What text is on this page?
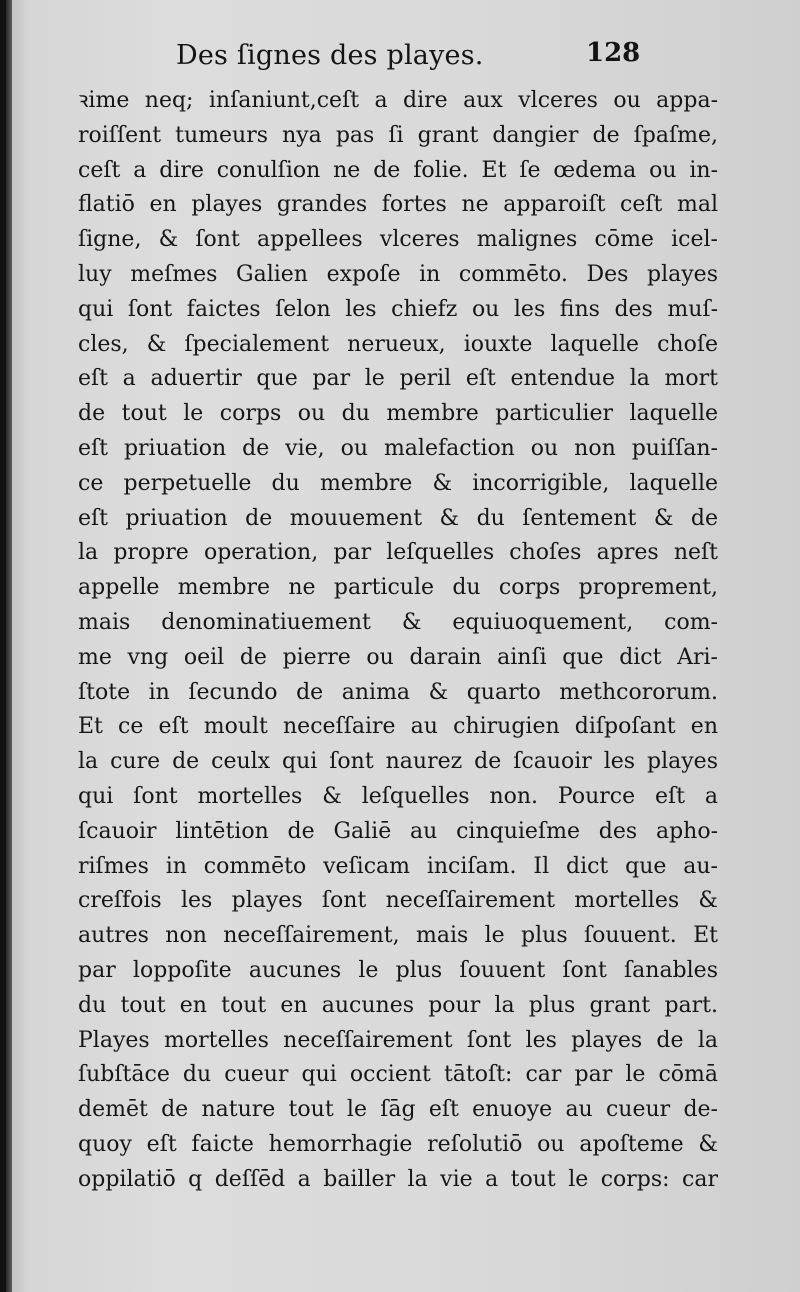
Des ſignes des playes.	128
ꝛime neq; inſaniunt,ceſt a dire aux vlceres ou appa-
roiſſent tumeurs nya pas ſi grant dangier de ſpaſme,
ceſt a dire conulſion ne de folie. Et ſe œdema ou in-
flatiō en playes grandes fortes ne apparoiſt ceſt mal
ſigne, & ſont appellees vlceres malignes cōme icel-
luy meſmes Galien expoſe in commēto. Des playes
qui ſont faictes ſelon les chiefz ou les fins des muſ-
cles, & ſpecialement nerueux, iouxte laquelle choſe
eſt a aduertir que par le peril eſt entendue la mort
de tout le corps ou du membre particulier laquelle
eſt priuation de vie, ou malefaction ou non puiſſan-
ce perpetuelle du membre & incorrigible, laquelle
eſt priuation de mouuement & du ſentement & de
la propre operation, par leſquelles choſes apres neſt
appelle membre ne particule du corps proprement,
mais denominatiuement & equiuoquement, com-
me vng oeil de pierre ou darain ainſi que dict Ari-
ſtote in ſecundo de anima & quarto methcororum.
Et ce eſt moult neceſſaire au chirugien diſpoſant en
la cure de ceulx qui ſont naurez de ſcauoir les playes
qui ſont mortelles & leſquelles non. Pource eſt a
ſcauoir lintētion de Galiē au cinquieſme des apho-
riſmes in commēto veſicam inciſam. Il dict que au-
creſfois les playes ſont neceſſairement mortelles &
autres non neceſſairement, mais le plus ſouuent. Et
par loppoſite aucunes le plus ſouuent ſont ſanables
du tout en tout en aucunes pour la plus grant part.
Playes mortelles neceſſairement ſont les playes de la
ſubſtāce du cueur qui occient tātoſt: car par le cōmā
demēt de nature tout le ſāg eſt enuoye au cueur de-
quoy eſt faicte hemorrhagie reſolutiō ou apoſteme &
oppilatiō q deſſēd a bailler la vie a tout le corps: car
